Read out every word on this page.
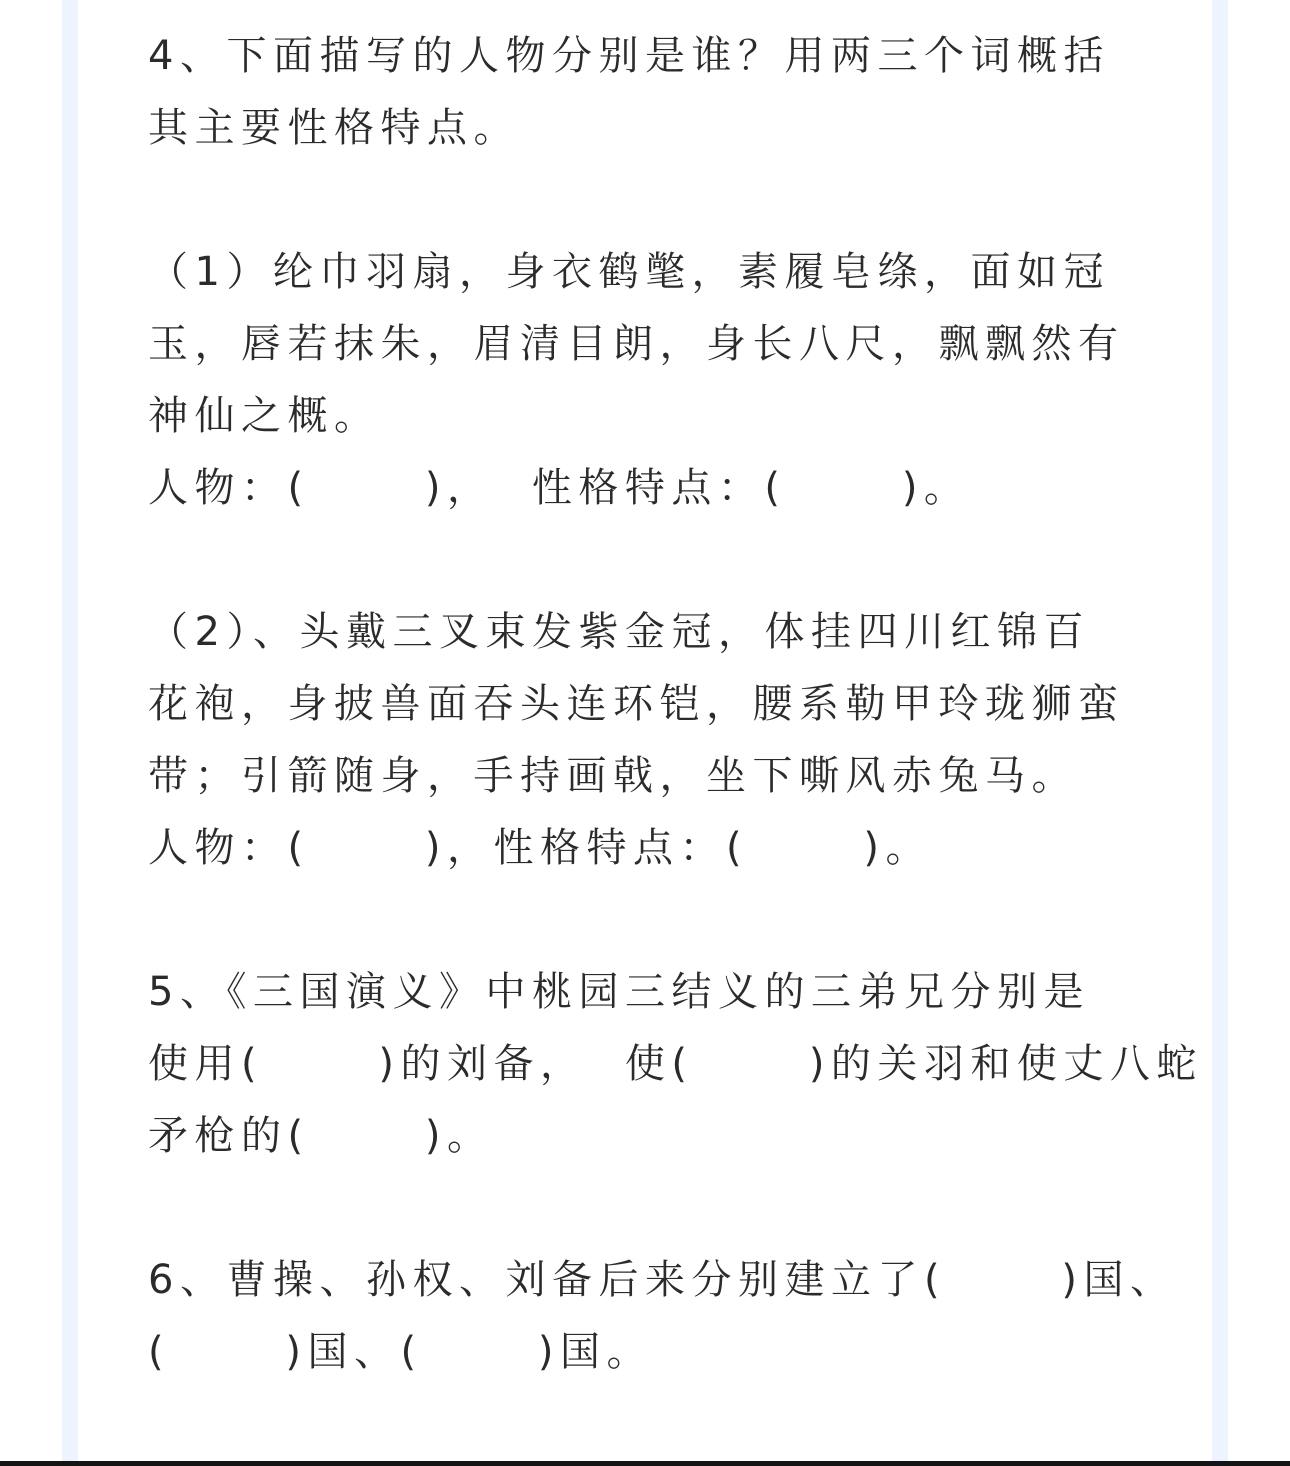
4、下面描写的人物分别是谁？用两三个词概括
其主要性格特点。
（1）纶巾羽扇，身衣鹤氅，素履皂绦，面如冠
玉，唇若抹朱，眉清目朗，身长八尺，飘飘然有
神仙之概。
人物：(      )，  性格特点：(      )。
（2）、头戴三叉束发紫金冠，体挂四川红锦百
花袍，身披兽面吞头连环铠，腰系勒甲玲珑狮蛮
带；引箭随身，手持画戟，坐下嘶风赤兔马。
人物：(      )，性格特点：(      )。
5、《三国演义》中桃园三结义的三弟兄分别是
使用(      )的刘备，  使(      )的关羽和使丈八蛇
矛枪的(      )。
6、曹操、孙权、刘备后来分别建立了(      )国、
(      )国、(      )国。
